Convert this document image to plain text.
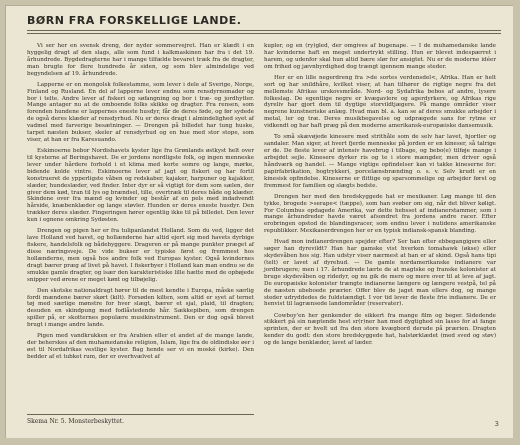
BØRN FRA FORSKELLIGE LANDE.

Vi ser her en svensk dreng, der nyder sommervejret. Han er klædt i en hyggelig dragt af den slags, alle som fund i kalkmaskinen har fra i det 19. århundrede. Bygdedragterne har i mange tilfælde bevaret træk fra de dragter, man brugte for flere hundrede år siden, og som blev almindelige ved begyndelsen af 19. århundrede.

Lapperne er en mongolsk folkestamme, som lever i dele af Sverige, Norge, Finland og Rusland. En del af lapperne lever endnu som rensdyrnomader og bor i telte. Andre lever af fiskeri og søfangning og bor i træ- og jordhytter. Mange antager nu at de omboende folks skikke og dragter. Fra rensen, som forenden hundene er lappernes eneste husdyr, får de deres føde, og før sydede de også deres klæder af rensdyrhud. Nu er deres dragt i almindelighed syet af vadmel med farverige besætninger. — Drengen på billedet har tung huske, tarpet næsten bukser, skeler af rensdyrhud og en hue med stor stope, som viser, at han er fra Karesuando.

Eskimoerne bebor Nordishavets kyster lige fra Grønlands østkyst helt over til kysterne af Beringshavet. De er jordens nordligste folk, og ingen menneske lever under hårdere forhold i et klima med korte somre og lange, mørke, bidende kolde vintre. Eskimoerne lever af jagt og fiskeri og har fortil konstrueret de ypperligste våben og redskaber, kajaker, harpuner og kajakker, slæder, hundeslæder, ved finder. Inter dyr er så vigtigt for dem som sælen, der giver dem kød, tran til lys og brændsel, tille, overtræk til deres både og klæder. Skindene over fra mænd og kvinder og består af en pels med indadvendt hårside, knæbenklæder og lange støvler. Hunden er deres eneste husdyr. Den trækker deres slæder. Fingeringen hører egentlig ikke til på billedet. Den lever kun i egnene omkring Sydøsten.

Drengen og pigen her er fra tulipanlandet Holland. Som du ved, ligger det lave Holland ved havet, og hollænderne har altid ejert sig med havets dyrbige fiskere, handelsfolk og bådebyggere. Drageren er på mange punkter præget af disse næringsveje. De vide bukser er typiske først og fremmest hos hollænderne, men også hos andre folk ved Europas kyster. Også kvindernes dragt bærer præg af livet på havet. I fiskerbyer i Holland kan man endnu se de smukke gamle dragter, og især den karakteristiske lille hætte med de opbøjede snipper ved ørene er meget kønt og tilbøjelig.

Den skotske nationaldragt hører til de mest kendte i Europa, måske særlig fordi mændene bærer skørt (kilt). Forsøden kilten, som altid er syet af ternet tøj med særlige mønstre for hver slægt, bærer et sjal, plaid, til dragten; desuden en skindpung med fodlåstedende hår. Sækkepiben, som drengen spiller på, er skotternes populære musikinstrument. Den er dog også blevet brugt i mange andre lande.

Pigen med vandkrukken er fra Arabien eller et andet af de mange lande, der beherskes af den muhamedanske religion, Islam, lige fra de oldindiske øer i øst til Nordafrikas vestlige kyster. Bag hende ser vi en moské (kirke). Den bedder af et tubket rum, der er overhvælvet af

kupler, og en (ry)gled, der omgives af bugenape. — I de muhamedanske lande har kvinderne haft en meget undertrykt stilling. Hun er blevet indespærret i harem, og udenfor skal hun altid bære slør for ansigtet. Nu er de moderne idéer om frihed og jævnbyrdighed dog trængt igennem mange steder.

Her er en lille negerdreng fra >de sortes verdensdel<, Afrika. Han er helt sort og har snildhåre, kvilket viser, at han tilhører de rigtige negre fra det mellemste Afrikas urskovsmråde. Nord- og Sydafrika bebos af andre, lysere folkeslag. De egentlige negre er kvægavlere og agerdyrkere, og Afrikas rige dyreliv har gjort dem til dygtige storvildtjægere. På mange områder viser negrene kunstneriske anlæg. Hvad man bl. a. kan se af deres smukke arbejder i metal, ler og træ. Deres musikbegavelse og udprægede sans for rytme er vidkendt og har haft præg på den moderne amerikansk-europæiske dansemusik.

To små skævøjede kinesere med strithåle som de selv har lavet, hjortler og sandaler. Man siger, at hvert fjerde menneske på jorden er en kineser, så talrige er de. De fleste lever af intensiv havebrug i tilbage, og bebo(e) tilføje mange i arbejdet sejle. Kinesere dyrker ris og te i store mængder, men driver også håndværk og handel. — Mange vigtige opfindelser kan vi takke kineserne for: papirfabrikation, bogtrykkeri, porcelænsbrænding o. s. v. Selv krudt er en kinesisk opfindelse. Kineserne er flittige og sparsommelige og arbejder først og fremmest for familien og slægts bedste.

Drengen her med den bredskyggede hat er mexikaner. Løg mange til den tykke, brogede >serape< (tæppe), som han svøber om sig, når det bliver køligt. For Columbus opdagede Amerika, var dette hebsset af indianerstammer, som i mange århundreder havde været afsondret fra jordens andre racer. Efter erobringen opstod de blandingsracer, som endnu lever i nutidens amerikanske republikker. Mexikanerdrengen her er en typisk indiansk-spansk blanding.

Hvad mon indianerdrengen spejder efter? Ser han efter ebbegangigere eller søger han dyrevildt? Han har gamske vist hverken tomahawk (økse) eller skydevåben hos sig. Han udstyr viser nærmest at han er af skind. Også hans tipi (telt) er lavet af dyrehud. — De gamle nordamerikanske indianere var jordbrugere; men i 17. århundrede lærte de at magtske og franske kolonister at bruge skydevåben og ridedyr, og nu gik de mere og mere over til at leve af jagt. De europæiske kolonister trængte indianerne længere og længere vestpå, tel på de næsten ubeboede prærier. Offer blev de jaget man ellers dog, og mange steder udryddedes de fuldstændigt. I vor tid lever de fleste frie indianere. De er henvist til lagrænsede landområder (reservater).

Cowboy'en her genkender de sikkert fra mange film og beger. Sidedende stikkert på sin næptende hest sr(r)ner han med dygtighed sin lasso for at fange sprinten, der er hvelt ud fra den store kvægbord derude på prærien. Dragten kender du godt: den store bredskyggede hat, halstørklædet (med sved og støv) og de lange benklæder, lavet af læder.

Skema Nr. 5. Monsterbeskyttet.	3
